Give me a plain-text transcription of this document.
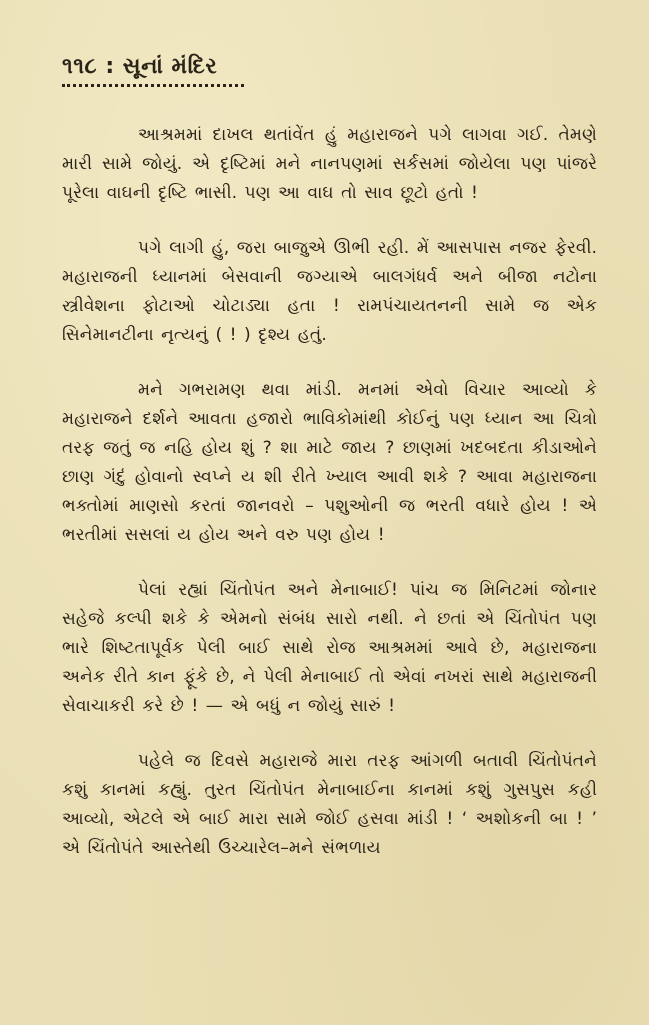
૧૧૮ : સૂનાં મંદિર

આશ્રમમાં દાખલ થતાંવેંત હું મહારાજને પગે લાગવા ગઈ. તેમણે મારી સામે જોયું. એ દૃષ્ટિમાં મને નાનપણમાં સર્કસમાં જોયેલા પણ પાંજરે પૂરેલા વાઘની દૃષ્ટિ ભાસી. પણ આ વાઘ તો સાવ છૂટો હતો !

પગે લાગી હું, જરા બાજુએ ઊભી રહી. મેં આસપાસ નજર ફેરવી. મહારાજની ધ્યાનમાં બેસવાની જગ્યાએ બાલગંધર્વ અને બીજા નટોના સ્ત્રીવેશના ફોટાઓ ચોટાડ્યા હતા ! રામપંચાયતનની સામે જ એક સિનેમાનટીના નૃત્યનું ( ! ) દૃશ્ય હતું.

મને ગભરામણ થવા માંડી. મનમાં એવો વિચાર આવ્યો કે મહારાજને દર્શને આવતા હજારો ભાવિકોમાંથી કોઈનું પણ ધ્યાન આ ચિત્રો તરફ જતું જ નહિ હોય શું ? શા માટે જાય ? છાણમાં ખદબદતા કીડાઓને છાણ ગંદું હોવાનો સ્વપ્ને ય શી રીતે ખ્યાલ આવી શકે ? આવા મહારાજના ભક્તોમાં માણસો કરતાં જાનવરો – પશુઓની જ ભરતી વધારે હોય ! એ ભરતીમાં સસલાં ય હોય અને વરુ પણ હોય !

પેલાં રહ્યાં ચિંતોપંત અને મેનાબાઈ! પાંચ જ મિનિટમાં જોનાર સહેજે કલ્પી શકે કે એમનો સંબંધ સારો નથી. ને છતાં એ ચિંતોપંત પણ ભારે શિષ્ટતાપૂર્વક પેલી બાઈ સાથે રોજ આશ્રમમાં આવે છે, મહારાજના અનેક રીતે કાન ફૂંકે છે, ને પેલી મેનાબાઈ તો એવાં નખરાં સાથે મહારાજની સેવાચાકરી કરે છે ! — એ બધું ન જોયું સારું !

પહેલે જ દિવસે મહારાજે મારા તરફ આંગળી બતાવી ચિંતોપંતને કશું કાનમાં કહ્યું. તુરત ચિંતોપંત મેનાબાઈના કાનમાં કશું ગુસપુસ કહી આવ્યો, એટલે એ બાઈ મારા સામે જોઈ હસવા માંડી ! ‘ અશોકની બા ! ’ એ ચિંતોપંતે આસ્તેથી ઉચ્ચારેલ–મને સંભળાય
